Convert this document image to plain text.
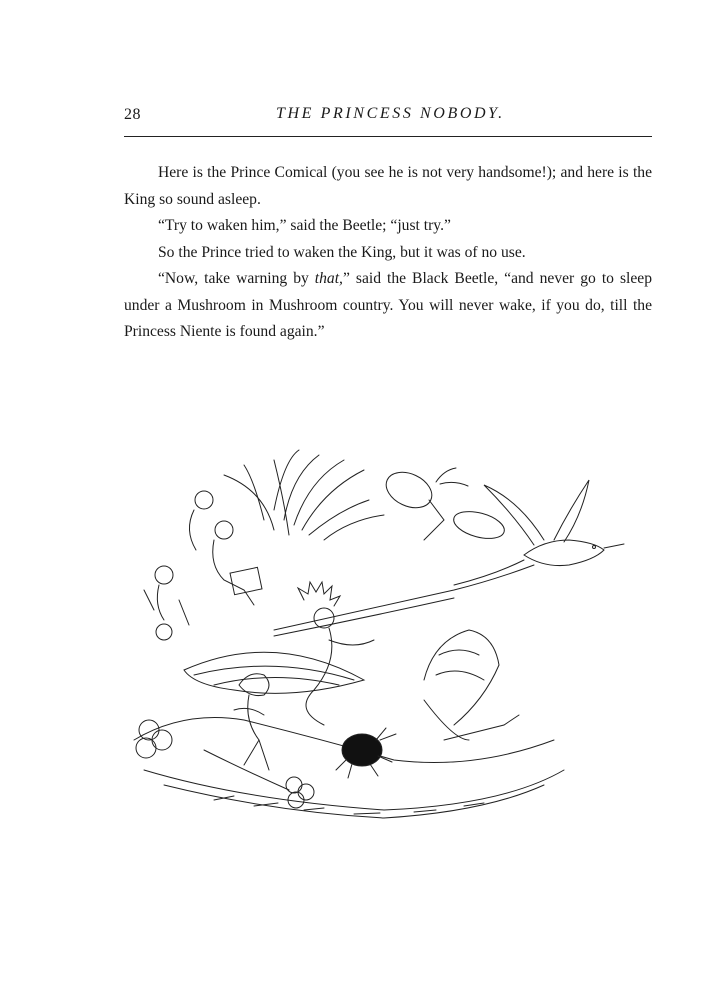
28	THE PRINCESS NOBODY.

Here is the Prince Comical (you see he is not very handsome!); and here is the King so sound asleep.

“Try to waken him,” said the Beetle; “just try.”

So the Prince tried to waken the King, but it was of no use.

“Now, take warning by that,” said the Black Beetle, “and never go to sleep under a Mushroom in Mushroom country. You will never wake, if you do, till the Princess Niente is found again.”
